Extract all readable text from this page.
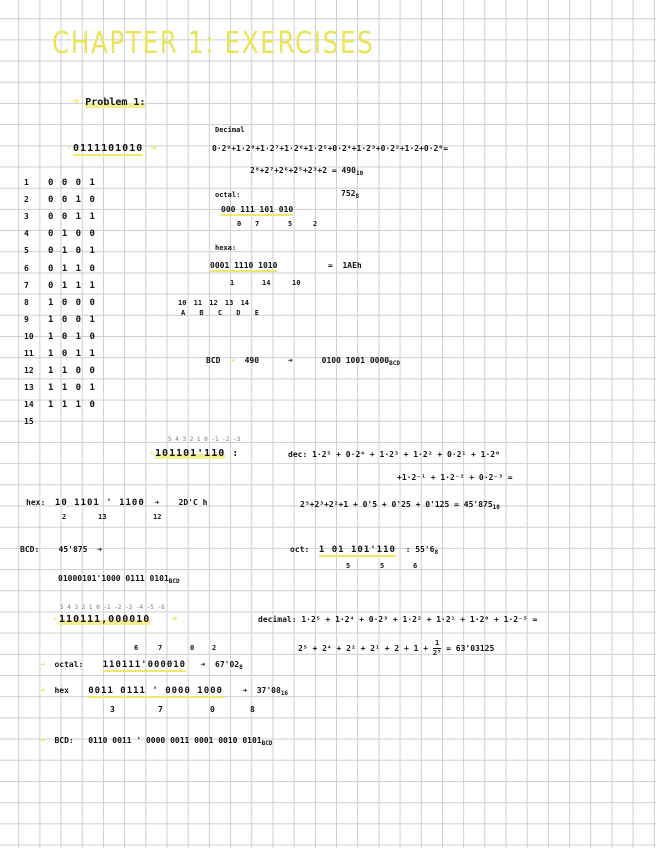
CHAPTER 1: EXERCISES
➜ Problem 1:
Decimal
·0111101010 ➜	0·2⁹+1·2⁸+1·2⁷+1·2⁶+1·2⁵+0·2⁴+1·2³+0·2²+1·2+0·2⁰=
$2^8+2^7+2^6+2^5+2^3+2 = 490_{10}$
octal:	$752_8$
000 111 101 010
0 7	5	2
hexa:
0001 1110 1010	= 1AEh
1	14	10
10 11 12 13 14
A B C D E
BCD ➜ 490	➜	0100 1001 $0000_{BCD}$
1 0 0 0 1
2 0 0 1 0
3 0 0 1 1
4 0 1 0 0
5 0 1 0 1
6 0 1 1 0
7 0 1 1 1
8 1 0 0 0
9 1 0 0 1
10 1 0 1 0
11 1 0 1 1
12 1 1 0 0
13 1 1 0 1
14 1 1 1 0
15
5 4 3 2 1 0 -1 -2 -3
·101101'110 :	dec: 1·2⁵ + 0·2⁴ + 1·2³ + 1·2² + 0·2¹ + 1·2⁰
+1·2⁻¹ + 1·2⁻² + 0·2⁻³ =
$2^5+2^3+2^2+1 + 0'5 + 0'25 + 0'125 = 45'875_{10}$
hex: 10 1101 ' 1100 ➜ 2D'C h
2	13	12
BCD: 45'875 ➜
01000101'1000 0111 $0101_{BCD}$
oct: 1 01 101'110  : $55'6_8$
5	5	6
5 4 3 2 1 0 -1 -2 -3 -4 -5 -6
·110111,000010 ➜	decimal: 1·2⁵ + 1·2⁴ + 0·2³ + 1·2² + 1·2¹ + 1·2⁰ + 1·2⁻⁵ =
$2^5 + 2^4 + 2^2 + 2^1 + 2 + 1 + \frac{1}{\text{2⁵}} = 63'03125$
6	7	0	2
➜ octal: 110111'000010 ➜ $67'02_8$
➜ hex 0011 0111 ' 0000 1000 ➜ $37'08_{16}$
3	7	0	8
➜ BCD: 0110 0011 ' 0000 0011 0001 0010 $0101_{BCD}$
